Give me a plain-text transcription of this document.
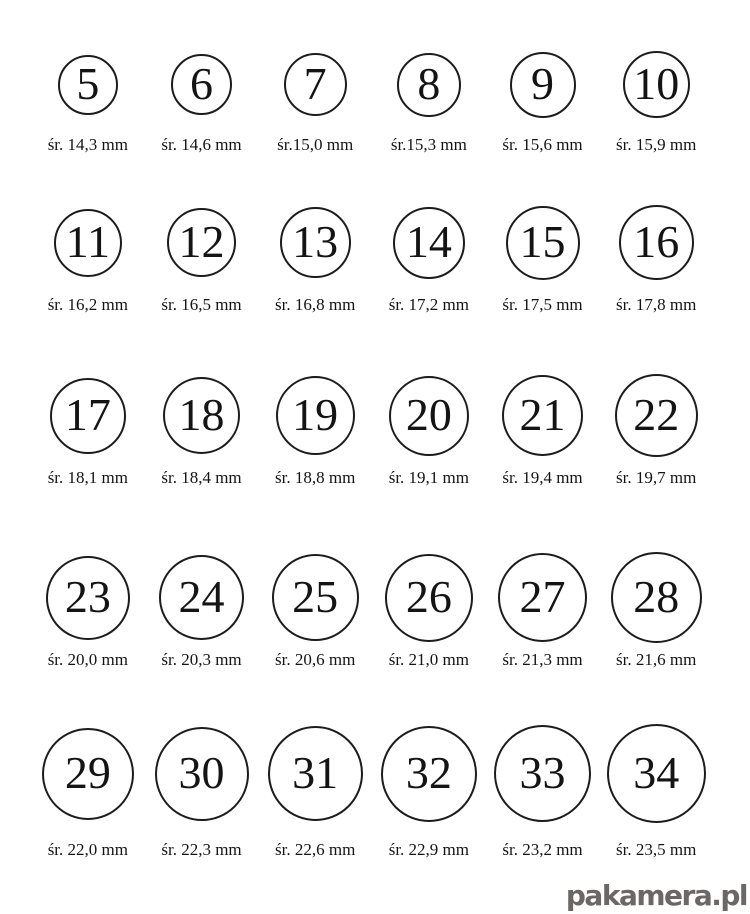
5
śr. 14,3 mm
6
śr. 14,6 mm
7
śr.15,0 mm
8
śr.15,3 mm
9
śr. 15,6 mm
10
śr. 15,9 mm
11
śr. 16,2 mm
12
śr. 16,5 mm
13
śr. 16,8 mm
14
śr. 17,2 mm
15
śr. 17,5 mm
16
śr. 17,8 mm
17
śr. 18,1 mm
18
śr. 18,4 mm
19
śr. 18,8 mm
20
śr. 19,1 mm
21
śr. 19,4 mm
22
śr. 19,7 mm
23
śr. 20,0 mm
24
śr. 20,3 mm
25
śr. 20,6 mm
26
śr. 21,0 mm
27
śr. 21,3 mm
28
śr. 21,6 mm
29
śr. 22,0 mm
30
śr. 22,3 mm
31
śr. 22,6 mm
32
śr. 22,9 mm
33
śr. 23,2 mm
34
śr. 23,5 mm
pakamera.pl
